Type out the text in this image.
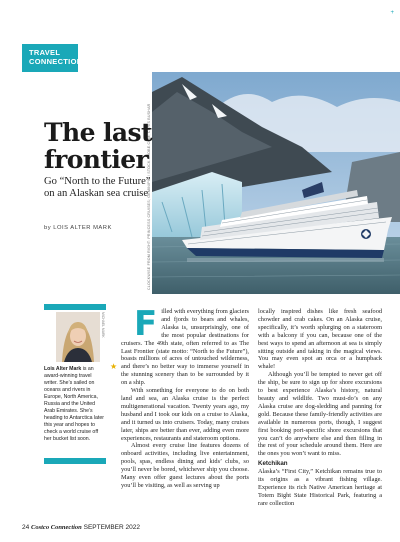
+
TRAVEL
CONNECTION
CLOCKWISE FROM RIGHT: PRINCESS CRUISES; GEMINIPIX / STOCK.ADOBE.COM; CHRIS BUSHAR
The last
frontier
Go “North to the Future” on an Alaskan sea cruise
by LOIS ALTER MARK
MICHAEL MARK
Lois Alter Mark is an award-winning travel writer. She’s sailed on oceans and rivers in Europe, North America, Russia and the United Arab Emirates. She’s heading to Antarctica later this year and hopes to check a world cruise off her bucket list soon.
★
F illed with everything from glaciers and fjords to bears and whales, Alaska is, unsurprisingly, one of the most popular destinations for cruisers. The 49th state, often referred to as The Last Frontier (state motto: “North to the Future”), boasts millions of acres of untouched wilderness, and there’s no better way to immerse yourself in the stunning scenery than to be surrounded by it on a ship.

With something for everyone to do on both land and sea, an Alaska cruise is the perfect multigenerational vacation. Twenty years ago, my husband and I took our kids on a cruise to Alaska, and it turned us into cruisers. Today, many cruises later, ships are better than ever, adding even more experiences, restaurants and stateroom options.

Almost every cruise line features dozens of onboard activities, including live entertainment, pools, spas, endless dining and kids’ clubs, so you’ll never be bored, whichever ship you choose. Many even offer guest lectures about the ports you’ll be visiting, as well as serving up

locally inspired dishes like fresh seafood chowder and crab cakes. On an Alaska cruise, specifically, it’s worth splurging on a stateroom with a balcony if you can, because one of the best ways to spend an afternoon at sea is simply sitting outside and taking in the magical views. You may even spot an orca or a humpback whale!

Although you’ll be tempted to never get off the ship, be sure to sign up for shore excursions to best experience Alaska’s history, natural beauty and wildlife. Two must-do’s on any Alaska cruise are dog-sledding and panning for gold. Because these family-friendly activities are available in numerous ports, though, I suggest first booking port-specific shore excursions that you can’t do anywhere else and then filling in the rest of your schedule around them. Here are the ones you won’t want to miss.

Ketchikan

Alaska’s “First City,” Ketchikan remains true to its origins as a vibrant fishing village. Experience its rich Native American heritage at Totem Bight State Historical Park, featuring a rare collection

24 Costco Connection SEPTEMBER 2022
